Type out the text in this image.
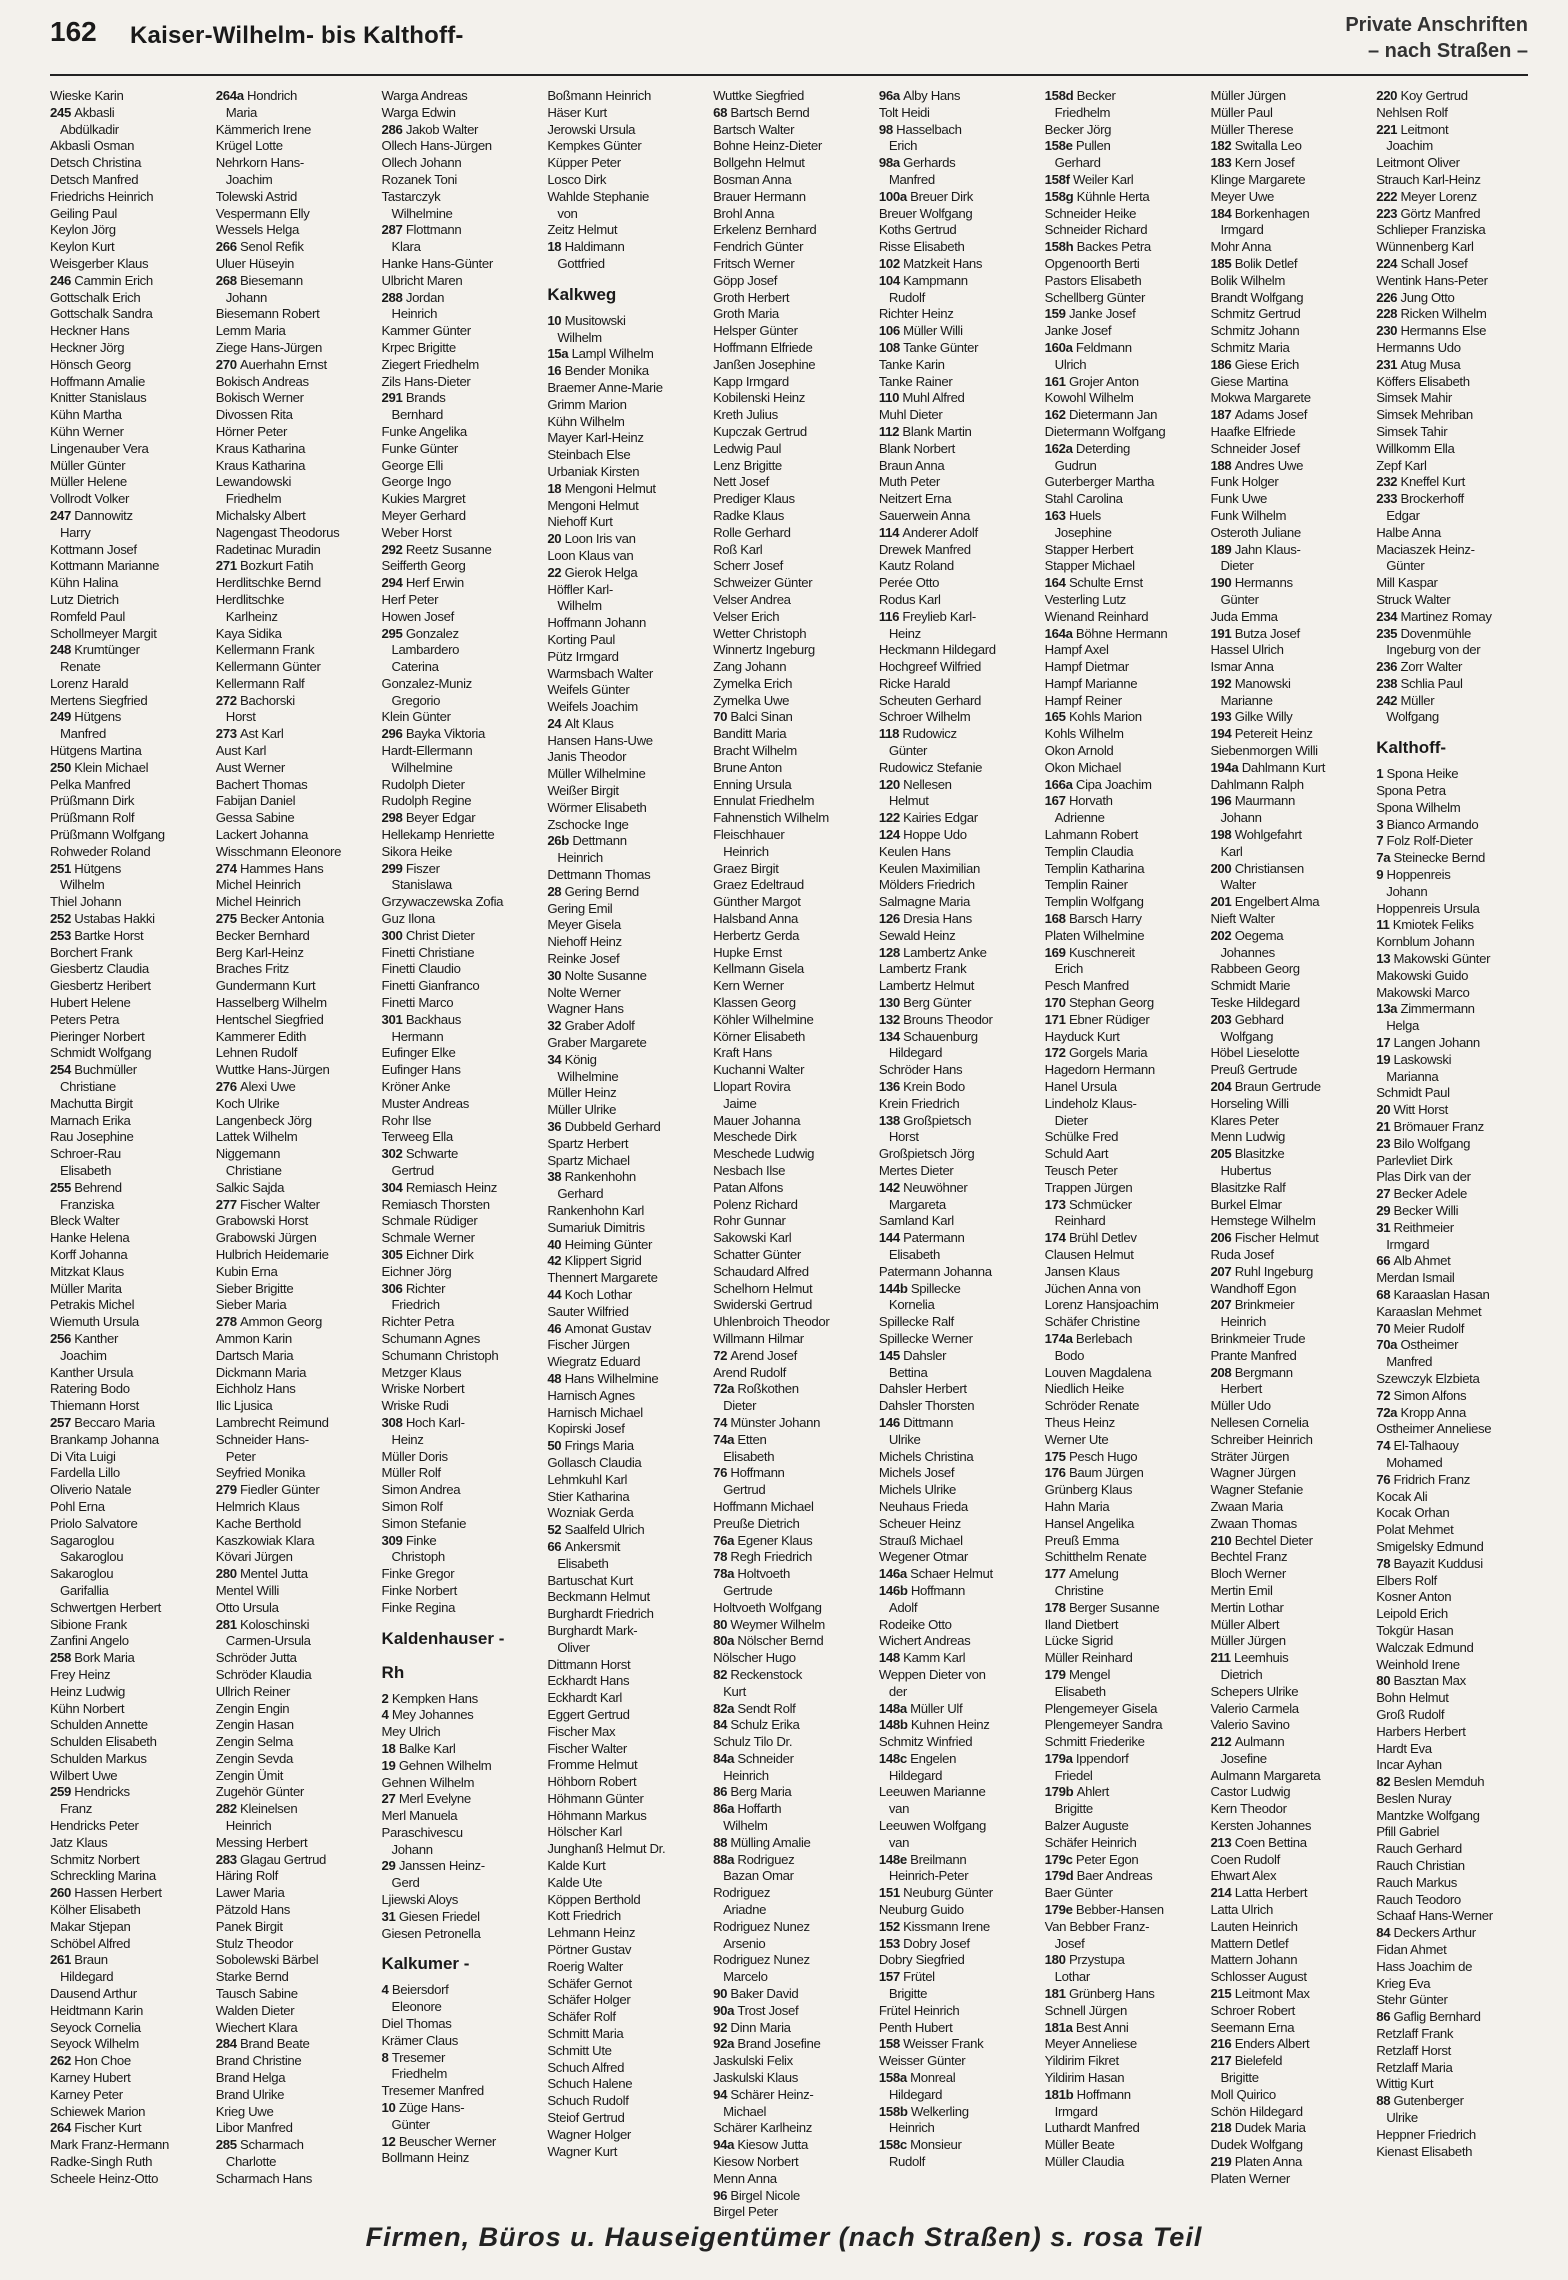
162 Kaiser-Wilhelm- bis Kalthoff-	Private Anschriften
– nach Straßen –
Wieske Karin
245 Akbasli
Abdülkadir
Akbasli Osman
Detsch Christina
Detsch Manfred
Friedrichs Heinrich
Geiling Paul
Keylon Jörg
Keylon Kurt
Weisgerber Klaus
246 Cammin Erich
Gottschalk Erich
Gottschalk Sandra
Heckner Hans
Heckner Jörg
Hönsch Georg
Hoffmann Amalie
Knitter Stanislaus
Kühn Martha
Kühn Werner
Lingenauber Vera
Müller Günter
Müller Helene
Vollrodt Volker
247 Dannowitz
Harry
Kottmann Josef
Kottmann Marianne
Kühn Halina
Lutz Dietrich
Romfeld Paul
Schollmeyer Margit
248 Krumtünger
Renate
Lorenz Harald
Mertens Siegfried
249 Hütgens
Manfred
Hütgens Martina
250 Klein Michael
Pelka Manfred
Prüßmann Dirk
Prüßmann Rolf
Prüßmann Wolfgang
Rohweder Roland
251 Hütgens
Wilhelm
Thiel Johann
252 Ustabas Hakki
253 Bartke Horst
Borchert Frank
Giesbertz Claudia
Giesbertz Heribert
Hubert Helene
Peters Petra
Pieringer Norbert
Schmidt Wolfgang
254 Buchmüller
Christiane
Machutta Birgit
Marnach Erika
Rau Josephine
Schroer-Rau
Elisabeth
255 Behrend
Franziska
Bleck Walter
Hanke Helena
Korff Johanna
Mitzkat Klaus
Müller Marita
Petrakis Michel
Wiemuth Ursula
256 Kanther
Joachim
Kanther Ursula
Ratering Bodo
Thiemann Horst
257 Beccaro Maria
Brankamp Johanna
Di Vita Luigi
Fardella Lillo
Oliverio Natale
Pohl Erna
Priolo Salvatore
Sagaroglou
Sakaroglou
Sakaroglou
Garifallia
Schwertgen Herbert
Sibione Frank
Zanfini Angelo
258 Bork Maria
Frey Heinz
Heinz Ludwig
Kühn Norbert
Schulden Annette
Schulden Elisabeth
Schulden Markus
Wilbert Uwe
259 Hendricks
Franz
Hendricks Peter
Jatz Klaus
Schmitz Norbert
Schreckling Marina
260 Hassen Herbert
Kölher Elisabeth
Makar Stjepan
Schöbel Alfred
261 Braun
Hildegard
Dausend Arthur
Heidtmann Karin
Seyock Cornelia
Seyock Wilhelm
262 Hon Choe
Karney Hubert
Karney Peter
Schiewek Marion
264 Fischer Kurt
Mark Franz-Hermann
Radke-Singh Ruth
Scheele Heinz-Otto
264a Hondrich
Maria
Kämmerich Irene
Krügel Lotte
Nehrkorn Hans-
Joachim
Tolewski Astrid
Vespermann Elly
Wessels Helga
266 Senol Refik
Uluer Hüseyin
268 Biesemann
Johann
Biesemann Robert
Lemm Maria
Ziege Hans-Jürgen
270 Auerhahn Ernst
Bokisch Andreas
Bokisch Werner
Divossen Rita
Hörner Peter
Kraus Katharina
Kraus Katharina
Lewandowski
Friedhelm
Michalsky Albert
Nagengast Theodorus
Radetinac Muradin
271 Bozkurt Fatih
Herdlitschke Bernd
Herdlitschke
Karlheinz
Kaya Sidika
Kellermann Frank
Kellermann Günter
Kellermann Ralf
272 Bachorski
Horst
273 Ast Karl
Aust Karl
Aust Werner
Bachert Thomas
Fabijan Daniel
Gessa Sabine
Lackert Johanna
Wisschmann Eleonore
274 Hammes Hans
Michel Heinrich
Michel Heinrich
275 Becker Antonia
Becker Bernhard
Berg Karl-Heinz
Braches Fritz
Gundermann Kurt
Hasselberg Wilhelm
Hentschel Siegfried
Kammerer Edith
Lehnen Rudolf
Wuttke Hans-Jürgen
276 Alexi Uwe
Koch Ulrike
Langenbeck Jörg
Lattek Wilhelm
Niggemann
Christiane
Salkic Sajda
277 Fischer Walter
Grabowski Horst
Grabowski Jürgen
Hulbrich Heidemarie
Kubin Erna
Sieber Brigitte
Sieber Maria
278 Ammon Georg
Ammon Karin
Dartsch Maria
Dickmann Maria
Eichholz Hans
Ilic Ljusica
Lambrecht Reimund
Schneider Hans-
Peter
Seyfried Monika
279 Fiedler Günter
Helmrich Klaus
Kache Berthold
Kaszkowiak Klara
Kövari Jürgen
280 Mentel Jutta
Mentel Willi
Otto Ursula
281 Koloschinski
Carmen-Ursula
Schröder Jutta
Schröder Klaudia
Ullrich Reiner
Zengin Engin
Zengin Hasan
Zengin Selma
Zengin Sevda
Zengin Ümit
Zugehör Günter
282 Kleinelsen
Heinrich
Messing Herbert
283 Glagau Gertrud
Häring Rolf
Lawer Maria
Pätzold Hans
Panek Birgit
Stulz Theodor
Sobolewski Bärbel
Starke Bernd
Tausch Sabine
Walden Dieter
Wiechert Klara
284 Brand Beate
Brand Christine
Brand Helga
Brand Ulrike
Krieg Uwe
Libor Manfred
285 Scharmach
Charlotte
Scharmach Hans
Warga Andreas
Warga Edwin
286 Jakob Walter
Ollech Hans-Jürgen
Ollech Johann
Rozanek Toni
Tastarczyk
Wilhelmine
287 Flottmann
Klara
Hanke Hans-Günter
Ulbricht Maren
288 Jordan
Heinrich
Kammer Günter
Krpec Brigitte
Ziegert Friedhelm
Zils Hans-Dieter
291 Brands
Bernhard
Funke Angelika
Funke Günter
George Elli
George Ingo
Kukies Margret
Meyer Gerhard
Weber Horst
292 Reetz Susanne
Seifferth Georg
294 Herf Erwin
Herf Peter
Howen Josef
295 Gonzalez
Lambardero
Caterina
Gonzalez-Muniz
Gregorio
Klein Günter
296 Bayka Viktoria
Hardt-Ellermann
Wilhelmine
Rudolph Dieter
Rudolph Regine
298 Beyer Edgar
Hellekamp Henriette
Sikora Heike
299 Fiszer
Stanislawa
Grzywaczewska Zofia
Guz Ilona
300 Christ Dieter
Finetti Christiane
Finetti Claudio
Finetti Gianfranco
Finetti Marco
301 Backhaus
Hermann
Eufinger Elke
Eufinger Hans
Kröner Anke
Muster Andreas
Rohr Ilse
Terweeg Ella
302 Schwarte
Gertrud
304 Remiasch Heinz
Remiasch Thorsten
Schmale Rüdiger
Schmale Werner
305 Eichner Dirk
Eichner Jörg
306 Richter
Friedrich
Richter Petra
Schumann Agnes
Schumann Christoph
Metzger Klaus
Wriske Norbert
Wriske Rudi
308 Hoch Karl-
Heinz
Müller Doris
Müller Rolf
Simon Andrea
Simon Rolf
Simon Stefanie
309 Finke
Christoph
Finke Gregor
Finke Norbert
Finke Regina
Kaldenhauser -
Rh
2 Kempken Hans
4 Mey Johannes
Mey Ulrich
18 Balke Karl
19 Gehnen Wilhelm
Gehnen Wilhelm
27 Merl Evelyne
Merl Manuela
Paraschivescu
Johann
29 Janssen Heinz-
Gerd
Ljiewski Aloys
31 Giesen Friedel
Giesen Petronella
Kalkumer -
4 Beiersdorf
Eleonore
Diel Thomas
Krämer Claus
8 Tresemer
Friedhelm
Tresemer Manfred
10 Züge Hans-
Günter
12 Beuscher Werner
Bollmann Heinz
Boßmann Heinrich
Häser Kurt
Jerowski Ursula
Kempkes Günter
Küpper Peter
Losco Dirk
Wahlde Stephanie
von
Zeitz Helmut
18 Haldimann
Gottfried
Kalkweg
10 Musitowski
Wilhelm
15a Lampl Wilhelm
16 Bender Monika
Braemer Anne-Marie
Grimm Marion
Kühn Wilhelm
Mayer Karl-Heinz
Steinbach Else
Urbaniak Kirsten
18 Mengoni Helmut
Mengoni Helmut
Niehoff Kurt
20 Loon Iris van
Loon Klaus van
22 Gierok Helga
Höffler Karl-
Wilhelm
Hoffmann Johann
Korting Paul
Pütz Irmgard
Warmsbach Walter
Weifels Günter
Weifels Joachim
24 Alt Klaus
Hansen Hans-Uwe
Janis Theodor
Müller Wilhelmine
Weißer Birgit
Wörmer Elisabeth
Zschocke Inge
26b Dettmann
Heinrich
Dettmann Thomas
28 Gering Bernd
Gering Emil
Meyer Gisela
Niehoff Heinz
Reinke Josef
30 Nolte Susanne
Nolte Werner
Wagner Hans
32 Graber Adolf
Graber Margarete
34 König
Wilhelmine
Müller Heinz
Müller Ulrike
36 Dubbeld Gerhard
Spartz Herbert
Spartz Michael
38 Rankenhohn
Gerhard
Rankenhohn Karl
Sumariuk Dimitris
40 Heiming Günter
42 Klippert Sigrid
Thennert Margarete
44 Koch Lothar
Sauter Wilfried
46 Amonat Gustav
Fischer Jürgen
Wiegratz Eduard
48 Hans Wilhelmine
Harnisch Agnes
Harnisch Michael
Kopirski Josef
50 Frings Maria
Gollasch Claudia
Lehmkuhl Karl
Stier Katharina
Wozniak Gerda
52 Saalfeld Ulrich
66 Ankersmit
Elisabeth
Bartuschat Kurt
Beckmann Helmut
Burghardt Friedrich
Burghardt Mark-
Oliver
Dittmann Horst
Eckhardt Hans
Eckhardt Karl
Eggert Gertrud
Fischer Max
Fischer Walter
Fromme Helmut
Höhborn Robert
Höhmann Günter
Höhmann Markus
Hölscher Karl
Junghanß Helmut Dr.
Kalde Kurt
Kalde Ute
Köppen Berthold
Kott Friedrich
Lehmann Heinz
Pörtner Gustav
Roerig Walter
Schäfer Gernot
Schäfer Holger
Schäfer Rolf
Schmitt Maria
Schmitt Ute
Schuch Alfred
Schuch Halene
Schuch Rudolf
Steiof Gertrud
Wagner Holger
Wagner Kurt
Wuttke Siegfried
68 Bartsch Bernd
Bartsch Walter
Bohne Heinz-Dieter
Bollgehn Helmut
Bosman Anna
Brauer Hermann
Brohl Anna
Erkelenz Bernhard
Fendrich Günter
Fritsch Werner
Göpp Josef
Groth Herbert
Groth Maria
Helsper Günter
Hoffmann Elfriede
Janßen Josephine
Kapp Irmgard
Kobilenski Heinz
Kreth Julius
Kupczak Gertrud
Ledwig Paul
Lenz Brigitte
Nett Josef
Prediger Klaus
Radke Klaus
Rolle Gerhard
Roß Karl
Scherr Josef
Schweizer Günter
Velser Andrea
Velser Erich
Wetter Christoph
Winnertz Ingeburg
Zang Johann
Zymelka Erich
Zymelka Uwe
70 Balci Sinan
Banditt Maria
Bracht Wilhelm
Brune Anton
Enning Ursula
Ennulat Friedhelm
Fahnenstich Wilhelm
Fleischhauer
Heinrich
Graez Birgit
Graez Edeltraud
Günther Margot
Halsband Anna
Herbertz Gerda
Hupke Ernst
Kellmann Gisela
Kern Werner
Klassen Georg
Köhler Wilhelmine
Körner Elisabeth
Kraft Hans
Kuchanni Walter
Llopart Rovira
Jaime
Mauer Johanna
Meschede Dirk
Meschede Ludwig
Nesbach Ilse
Patan Alfons
Polenz Richard
Rohr Gunnar
Sakowski Karl
Schatter Günter
Schaudard Alfred
Schelhorn Helmut
Swiderski Gertrud
Uhlenbroich Theodor
Willmann Hilmar
72 Arend Josef
Arend Rudolf
72a Roßkothen
Dieter
74 Münster Johann
74a Etten
Elisabeth
76 Hoffmann
Gertrud
Hoffmann Michael
Preuße Dietrich
76a Egener Klaus
78 Regh Friedrich
78a Holtvoeth
Gertrude
Holtvoeth Wolfgang
80 Weymer Wilhelm
80a Nölscher Bernd
Nölscher Hugo
82 Reckenstock
Kurt
82a Sendt Rolf
84 Schulz Erika
Schulz Tilo Dr.
84a Schneider
Heinrich
86 Berg Maria
86a Hoffarth
Wilhelm
88 Mülling Amalie
88a Rodriguez
Bazan Omar
Rodriguez
Ariadne
Rodriguez Nunez
Arsenio
Rodriguez Nunez
Marcelo
90 Baker David
90a Trost Josef
92 Dinn Maria
92a Brand Josefine
Jaskulski Felix
Jaskulski Klaus
94 Schärer Heinz-
Michael
Schärer Karlheinz
94a Kiesow Jutta
Kiesow Norbert
Menn Anna
96 Birgel Nicole
Birgel Peter
96a Alby Hans
Tolt Heidi
98 Hasselbach
Erich
98a Gerhards
Manfred
100a Breuer Dirk
Breuer Wolfgang
Koths Gertrud
Risse Elisabeth
102 Matzkeit Hans
104 Kampmann
Rudolf
Richter Heinz
106 Müller Willi
108 Tanke Günter
Tanke Karin
Tanke Rainer
110 Muhl Alfred
Muhl Dieter
112 Blank Martin
Blank Norbert
Braun Anna
Muth Peter
Neitzert Erna
Sauerwein Anna
114 Anderer Adolf
Drewek Manfred
Kautz Roland
Perée Otto
Rodus Karl
116 Freylieb Karl-
Heinz
Heckmann Hildegard
Hochgreef Wilfried
Ricke Harald
Scheuten Gerhard
Schroer Wilhelm
118 Rudowicz
Günter
Rudowicz Stefanie
120 Nellesen
Helmut
122 Kairies Edgar
124 Hoppe Udo
Keulen Hans
Keulen Maximilian
Mölders Friedrich
Salmagne Maria
126 Dresia Hans
Sewald Heinz
128 Lambertz Anke
Lambertz Frank
Lambertz Helmut
130 Berg Günter
132 Brouns Theodor
134 Schauenburg
Hildegard
Schröder Hans
136 Krein Bodo
Krein Friedrich
138 Großpietsch
Horst
Großpietsch Jörg
Mertes Dieter
142 Neuwöhner
Margareta
Samland Karl
144 Patermann
Elisabeth
Patermann Johanna
144b Spillecke
Kornelia
Spillecke Ralf
Spillecke Werner
145 Dahsler
Bettina
Dahsler Herbert
Dahsler Thorsten
146 Dittmann
Ulrike
Michels Christina
Michels Josef
Michels Ulrike
Neuhaus Frieda
Scheuer Heinz
Strauß Michael
Wegener Otmar
146a Schaer Helmut
146b Hoffmann
Adolf
Rodeike Otto
Wichert Andreas
148 Kamm Karl
Weppen Dieter von
der
148a Müller Ulf
148b Kuhnen Heinz
Schmitz Winfried
148c Engelen
Hildegard
Leeuwen Marianne
van
Leeuwen Wolfgang
van
148e Breilmann
Heinrich-Peter
151 Neuburg Günter
Neuburg Guido
152 Kissmann Irene
153 Dobry Josef
Dobry Siegfried
157 Frütel
Brigitte
Frütel Heinrich
Penth Hubert
158 Weisser Frank
Weisser Günter
158a Monreal
Hildegard
158b Welkerling
Heinrich
158c Monsieur
Rudolf
158d Becker
Friedhelm
Becker Jörg
158e Pullen
Gerhard
158f Weiler Karl
158g Kühnle Herta
Schneider Heike
Schneider Richard
158h Backes Petra
Opgenoorth Berti
Pastors Elisabeth
Schellberg Günter
159 Janke Josef
Janke Josef
160a Feldmann
Ulrich
161 Grojer Anton
Kowohl Wilhelm
162 Dietermann Jan
Dietermann Wolfgang
162a Deterding
Gudrun
Guterberger Martha
Stahl Carolina
163 Huels
Josephine
Stapper Herbert
Stapper Michael
164 Schulte Ernst
Vesterling Lutz
Wienand Reinhard
164a Böhne Hermann
Hampf Axel
Hampf Dietmar
Hampf Marianne
Hampf Reiner
165 Kohls Marion
Kohls Wilhelm
Okon Arnold
Okon Michael
166a Cipa Joachim
167 Horvath
Adrienne
Lahmann Robert
Templin Claudia
Templin Katharina
Templin Rainer
Templin Wolfgang
168 Barsch Harry
Platen Wilhelmine
169 Kuschnereit
Erich
Pesch Manfred
170 Stephan Georg
171 Ebner Rüdiger
Hayduck Kurt
172 Gorgels Maria
Hagedorn Hermann
Hanel Ursula
Lindeholz Klaus-
Dieter
Schülke Fred
Schuld Aart
Teusch Peter
Trappen Jürgen
173 Schmücker
Reinhard
174 Brühl Detlev
Clausen Helmut
Jansen Klaus
Jüchen Anna von
Lorenz Hansjoachim
Schäfer Christine
174a Berlebach
Bodo
Louven Magdalena
Niedlich Heike
Schröder Renate
Theus Heinz
Werner Ute
175 Pesch Hugo
176 Baum Jürgen
Grünberg Klaus
Hahn Maria
Hansel Angelika
Preuß Emma
Schitthelm Renate
177 Amelung
Christine
178 Berger Susanne
Iland Dietbert
Lücke Sigrid
Müller Reinhard
179 Mengel
Elisabeth
Plengemeyer Gisela
Plengemeyer Sandra
Schmitt Friederike
179a Ippendorf
Friedel
179b Ahlert
Brigitte
Balzer Auguste
Schäfer Heinrich
179c Peter Egon
179d Baer Andreas
Baer Günter
179e Bebber-Hansen
Van Bebber Franz-
Josef
180 Przystupa
Lothar
181 Grünberg Hans
Schnell Jürgen
181a Best Anni
Meyer Anneliese
Yildirim Fikret
Yildirim Hasan
181b Hoffmann
Irmgard
Luthardt Manfred
Müller Beate
Müller Claudia
Müller Jürgen
Müller Paul
Müller Therese
182 Switalla Leo
183 Kern Josef
Klinge Margarete
Meyer Uwe
184 Borkenhagen
Irmgard
Mohr Anna
185 Bolik Detlef
Bolik Wilhelm
Brandt Wolfgang
Schmitz Gertrud
Schmitz Johann
Schmitz Maria
186 Giese Erich
Giese Martina
Mokwa Margarete
187 Adams Josef
Haafke Elfriede
Schneider Josef
188 Andres Uwe
Funk Holger
Funk Uwe
Funk Wilhelm
Osteroth Juliane
189 Jahn Klaus-
Dieter
190 Hermanns
Günter
Juda Emma
191 Butza Josef
Hassel Ulrich
Ismar Anna
192 Manowski
Marianne
193 Gilke Willy
194 Petereit Heinz
Siebenmorgen Willi
194a Dahlmann Kurt
Dahlmann Ralph
196 Maurmann
Johann
198 Wohlgefahrt
Karl
200 Christiansen
Walter
201 Engelbert Alma
Nieft Walter
202 Oegema
Johannes
Rabbeen Georg
Schmidt Marie
Teske Hildegard
203 Gebhard
Wolfgang
Höbel Lieselotte
Preuß Gertrude
204 Braun Gertrude
Horseling Willi
Klares Peter
Menn Ludwig
205 Blasitzke
Hubertus
Blasitzke Ralf
Burkel Elmar
Hemstege Wilhelm
206 Fischer Helmut
Ruda Josef
207 Ruhl Ingeburg
Wandhoff Egon
207 Brinkmeier
Heinrich
Brinkmeier Trude
Prante Manfred
208 Bergmann
Herbert
Müller Udo
Nellesen Cornelia
Schreiber Heinrich
Sträter Jürgen
Wagner Jürgen
Wagner Stefanie
Zwaan Maria
Zwaan Thomas
210 Bechtel Dieter
Bechtel Franz
Bloch Werner
Mertin Emil
Mertin Lothar
Müller Albert
Müller Jürgen
211 Leemhuis
Dietrich
Schepers Ulrike
Valerio Carmela
Valerio Savino
212 Aulmann
Josefine
Aulmann Margareta
Castor Ludwig
Kern Theodor
Kersten Johannes
213 Coen Bettina
Coen Rudolf
Ehwart Alex
214 Latta Herbert
Latta Ulrich
Lauten Heinrich
Mattern Detlef
Mattern Johann
Schlosser August
215 Leitmont Max
Schroer Robert
Seemann Erna
216 Enders Albert
217 Bielefeld
Brigitte
Moll Quirico
Schön Hildegard
218 Dudek Maria
Dudek Wolfgang
219 Platen Anna
Platen Werner
220 Koy Gertrud
Nehlsen Rolf
221 Leitmont
Joachim
Leitmont Oliver
Strauch Karl-Heinz
222 Meyer Lorenz
223 Görtz Manfred
Schlieper Franziska
Wünnenberg Karl
224 Schall Josef
Wentink Hans-Peter
226 Jung Otto
228 Ricken Wilhelm
230 Hermanns Else
Hermanns Udo
231 Atug Musa
Köffers Elisabeth
Simsek Mahir
Simsek Mehriban
Simsek Tahir
Willkomm Ella
Zepf Karl
232 Kneffel Kurt
233 Brockerhoff
Edgar
Halbe Anna
Maciaszek Heinz-
Günter
Mill Kaspar
Struck Walter
234 Martinez Romay
235 Dovenmühle
Ingeburg von der
236 Zorr Walter
238 Schlia Paul
242 Müller
Wolfgang
Kalthoff-
1 Spona Heike
Spona Petra
Spona Wilhelm
3 Bianco Armando
7 Folz Rolf-Dieter
7a Steinecke Bernd
9 Hoppenreis
Johann
Hoppenreis Ursula
11 Kmiotek Feliks
Kornblum Johann
13 Makowski Günter
Makowski Guido
Makowski Marco
13a Zimmermann
Helga
17 Langen Johann
19 Laskowski
Marianna
Schmidt Paul
20 Witt Horst
21 Brömauer Franz
23 Bilo Wolfgang
Parlevliet Dirk
Plas Dirk van der
27 Becker Adele
29 Becker Willi
31 Reithmeier
Irmgard
66 Alb Ahmet
Merdan Ismail
68 Karaaslan Hasan
Karaaslan Mehmet
70 Meier Rudolf
70a Ostheimer
Manfred
Szewczyk Elzbieta
72 Simon Alfons
72a Kropp Anna
Ostheimer Anneliese
74 El-Talhaouy
Mohamed
76 Fridrich Franz
Kocak Ali
Kocak Orhan
Polat Mehmet
Smigelsky Edmund
78 Bayazit Kuddusi
Elbers Rolf
Kosner Anton
Leipold Erich
Tokgür Hasan
Walczak Edmund
Weinhold Irene
80 Basztan Max
Bohn Helmut
Groß Rudolf
Harbers Herbert
Hardt Eva
Incar Ayhan
82 Beslen Memduh
Beslen Nuray
Mantzke Wolfgang
Pfill Gabriel
Rauch Gerhard
Rauch Christian
Rauch Markus
Rauch Teodoro
Schaaf Hans-Werner
84 Deckers Arthur
Fidan Ahmet
Hass Joachim de
Krieg Eva
Stehr Günter
86 Gaflig Bernhard
Retzlaff Frank
Retzlaff Horst
Retzlaff Maria
Wittig Kurt
88 Gutenberger
Ulrike
Heppner Friedrich
Kienast Elisabeth
Firmen, Büros u. Hauseigentümer (nach Straßen) s. rosa Teil
